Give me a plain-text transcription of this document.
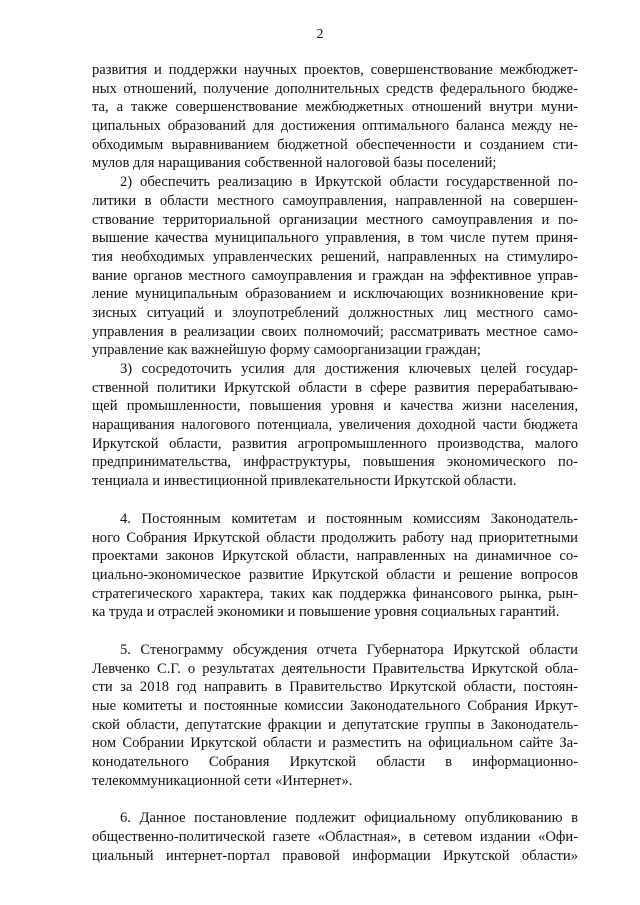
2
развития и поддержки научных проектов, совершенствование межбюджет-
ных отношений, получение дополнительных средств федерального бюдже-
та, а также совершенствование межбюджетных отношений внутри муни-
ципальных образований для достижения оптимального баланса между не-
обходимым выравниванием бюджетной обеспеченности и созданием сти-
мулов для наращивания собственной налоговой базы поселений;
2) обеспечить реализацию в Иркутской области государственной по-
литики в области местного самоуправления, направленной на совершен-
ствование территориальной организации местного самоуправления и по-
вышение качества муниципального управления, в том числе путем приня-
тия необходимых управленческих решений, направленных на стимулиро-
вание органов местного самоуправления и граждан на эффективное управ-
ление муниципальным образованием и исключающих возникновение кри-
зисных ситуаций и злоупотреблений должностных лиц местного само-
управления в реализации своих полномочий; рассматривать местное само-
управление как важнейшую форму самоорганизации граждан;
3) сосредоточить усилия для достижения ключевых целей государ-
ственной политики Иркутской области в сфере развития перерабатываю-
щей промышленности, повышения уровня и качества жизни населения,
наращивания налогового потенциала, увеличения доходной части бюджета
Иркутской области, развития агропромышленного производства, малого
предпринимательства, инфраструктуры, повышения экономического по-
тенциала и инвестиционной привлекательности Иркутской области.
4. Постоянным комитетам и постоянным комиссиям Законодатель-
ного Собрания Иркутской области продолжить работу над приоритетными
проектами законов Иркутской области, направленных на динамичное со-
циально-экономическое развитие Иркутской области и решение вопросов
стратегического характера, таких как поддержка финансового рынка, рын-
ка труда и отраслей экономики и повышение уровня социальных гарантий.
5. Стенограмму обсуждения отчета Губернатора Иркутской области
Левченко С.Г. о результатах деятельности Правительства Иркутской обла-
сти за 2018 год направить в Правительство Иркутской области, постоян-
ные комитеты и постоянные комиссии Законодательного Собрания Иркут-
ской области, депутатские фракции и депутатские группы в Законодатель-
ном Собрании Иркутской области и разместить на официальном сайте За-
конодательного Собрания Иркутской области в информационно-
телекоммуникационной сети «Интернет».
6. Данное постановление подлежит официальному опубликованию в
общественно-политической газете «Областная», в сетевом издании «Офи-
циальный интернет-портал правовой информации Иркутской области»
